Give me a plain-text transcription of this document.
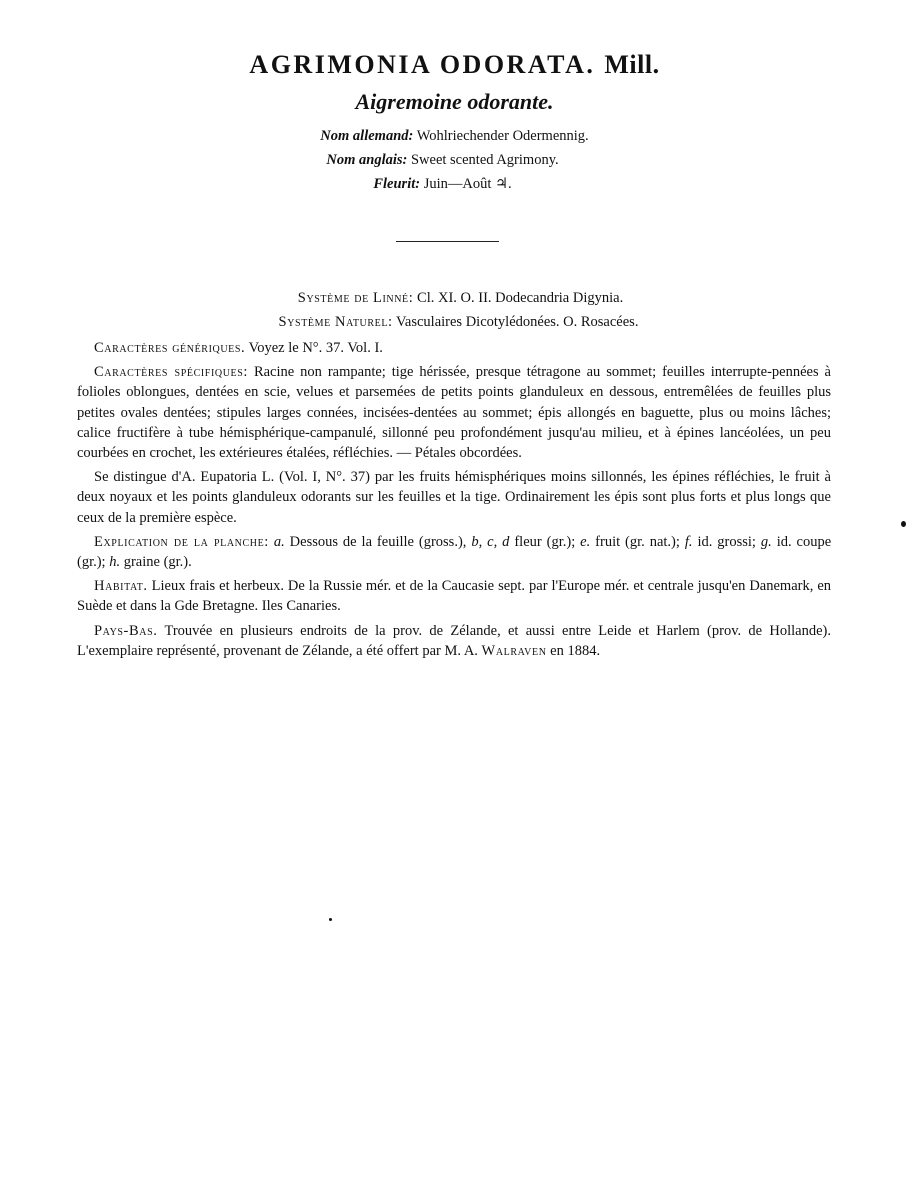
AGRIMONIA ODORATA. Mill.
Aigremoine odorante.
Nom allemand: Wohlriechender Odermennig.
Nom anglais: Sweet scented Agrimony.
Fleurit: Juin—Août ♃.
Système de Linné: Cl. XI. O. II. Dodecandria Digynia.
Système Naturel: Vasculaires Dicotylédonées. O. Rosacées.

Caractères génériques. Voyez le N°. 37. Vol. I.

Caractères spécifiques: Racine non rampante; tige hérissée, presque tétragone au sommet; feuilles interrupte-pennées à folioles oblongues, dentées en scie, velues et parsemées de petits points glanduleux en dessous, entremêlées de feuilles plus petites ovales dentées; stipules larges connées, incisées-dentées au sommet; épis allongés en baguette, plus ou moins lâches; calice fructifère à tube hémisphérique-campanulé, sillonné peu profondément jusqu'au milieu, et à épines lancéolées, un peu courbées en crochet, les extérieures étalées, réfléchies. — Pétales obcordées.

Se distingue d'A. Eupatoria L. (Vol. I, N°. 37) par les fruits hémisphériques moins sillonnés, les épines réfléchies, le fruit à deux noyaux et les points glanduleux odorants sur les feuilles et la tige. Ordinairement les épis sont plus forts et plus longs que ceux de la première espèce.

Explication de la planche: a. Dessous de la feuille (gross.), b, c, d fleur (gr.); e. fruit (gr. nat.); f. id. grossi; g. id. coupe (gr.); h. graine (gr.).

Habitat. Lieux frais et herbeux. De la Russie mér. et de la Caucasie sept. par l'Europe mér. et centrale jusqu'en Danemark, en Suède et dans la Gde Bretagne. Iles Canaries.

Pays-Bas. Trouvée en plusieurs endroits de la prov. de Zélande, et aussi entre Leide et Harlem (prov. de Hollande). L'exemplaire représenté, provenant de Zélande, a été offert par M. A. Walraven en 1884.
